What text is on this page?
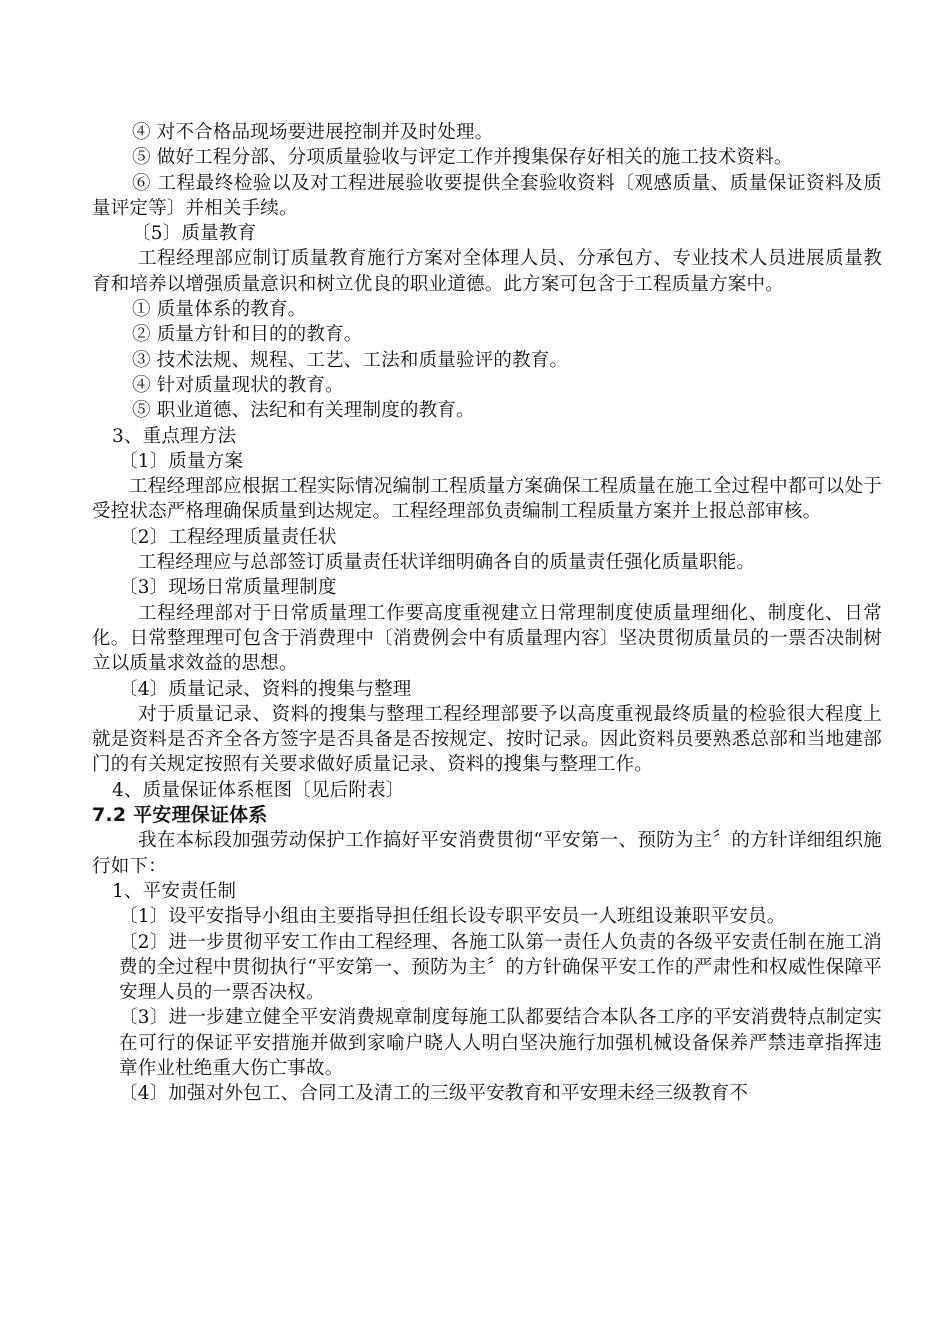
④ 对不合格品现场要进展控制并及时处理。

⑤ 做好工程分部、分项质量验收与评定工作并搜集保存好相关的施工技术资料。

⑥ 工程最终检验以及对工程进展验收要提供全套验收资料〔观感质量、质量保证资料及质量评定等〕并相关手续。

〔5〕质量教育

工程经理部应制订质量教育施行方案对全体理人员、分承包方、专业技术人员进展质量教育和培养以增强质量意识和树立优良的职业道德。此方案可包含于工程质量方案中。

① 质量体系的教育。

② 质量方针和目的的教育。

③ 技术法规、规程、工艺、工法和质量验评的教育。

④ 针对质量现状的教育。

⑤ 职业道德、法纪和有关理制度的教育。

3、重点理方法

〔1〕质量方案

工程经理部应根据工程实际情况编制工程质量方案确保工程质量在施工全过程中都可以处于受控状态严格理确保质量到达规定。工程经理部负责编制工程质量方案并上报总部审核。

〔2〕工程经理质量责任状

工程经理应与总部签订质量责任状详细明确各自的质量责任强化质量职能。

〔3〕现场日常质量理制度

工程经理部对于日常质量理工作要高度重视建立日常理制度使质量理细化、制度化、日常化。日常整理理可包含于消费理中〔消费例会中有质量理内容〕坚决贯彻质量员的一票否决制树立以质量求效益的思想。

〔4〕质量记录、资料的搜集与整理

对于质量记录、资料的搜集与整理工程经理部要予以高度重视最终质量的检验很大程度上就是资料是否齐全各方签字是否具备是否按规定、按时记录。因此资料员要熟悉总部和当地建部门的有关规定按照有关要求做好质量记录、资料的搜集与整理工作。

4、质量保证体系框图〔见后附表〕

7.2 平安理保证体系

我在本标段加强劳动保护工作搞好平安消费贯彻“平安第一、预防为主〞的方针详细组织施行如下：

1、平安责任制

〔1〕设平安指导小组由主要指导担任组长设专职平安员一人班组设兼职平安员。

〔2〕进一步贯彻平安工作由工程经理、各施工队第一责任人负责的各级平安责任制在施工消费的全过程中贯彻执行“平安第一、预防为主〞的方针确保平安工作的严肃性和权威性保障平安理人员的一票否决权。

〔3〕进一步建立健全平安消费规章制度每施工队都要结合本队各工序的平安消费特点制定实在可行的保证平安措施并做到家喻户晓人人明白坚决施行加强机械设备保养严禁违章指挥违章作业杜绝重大伤亡事故。

〔4〕加强对外包工、合同工及清工的三级平安教育和平安理未经三级教育不
